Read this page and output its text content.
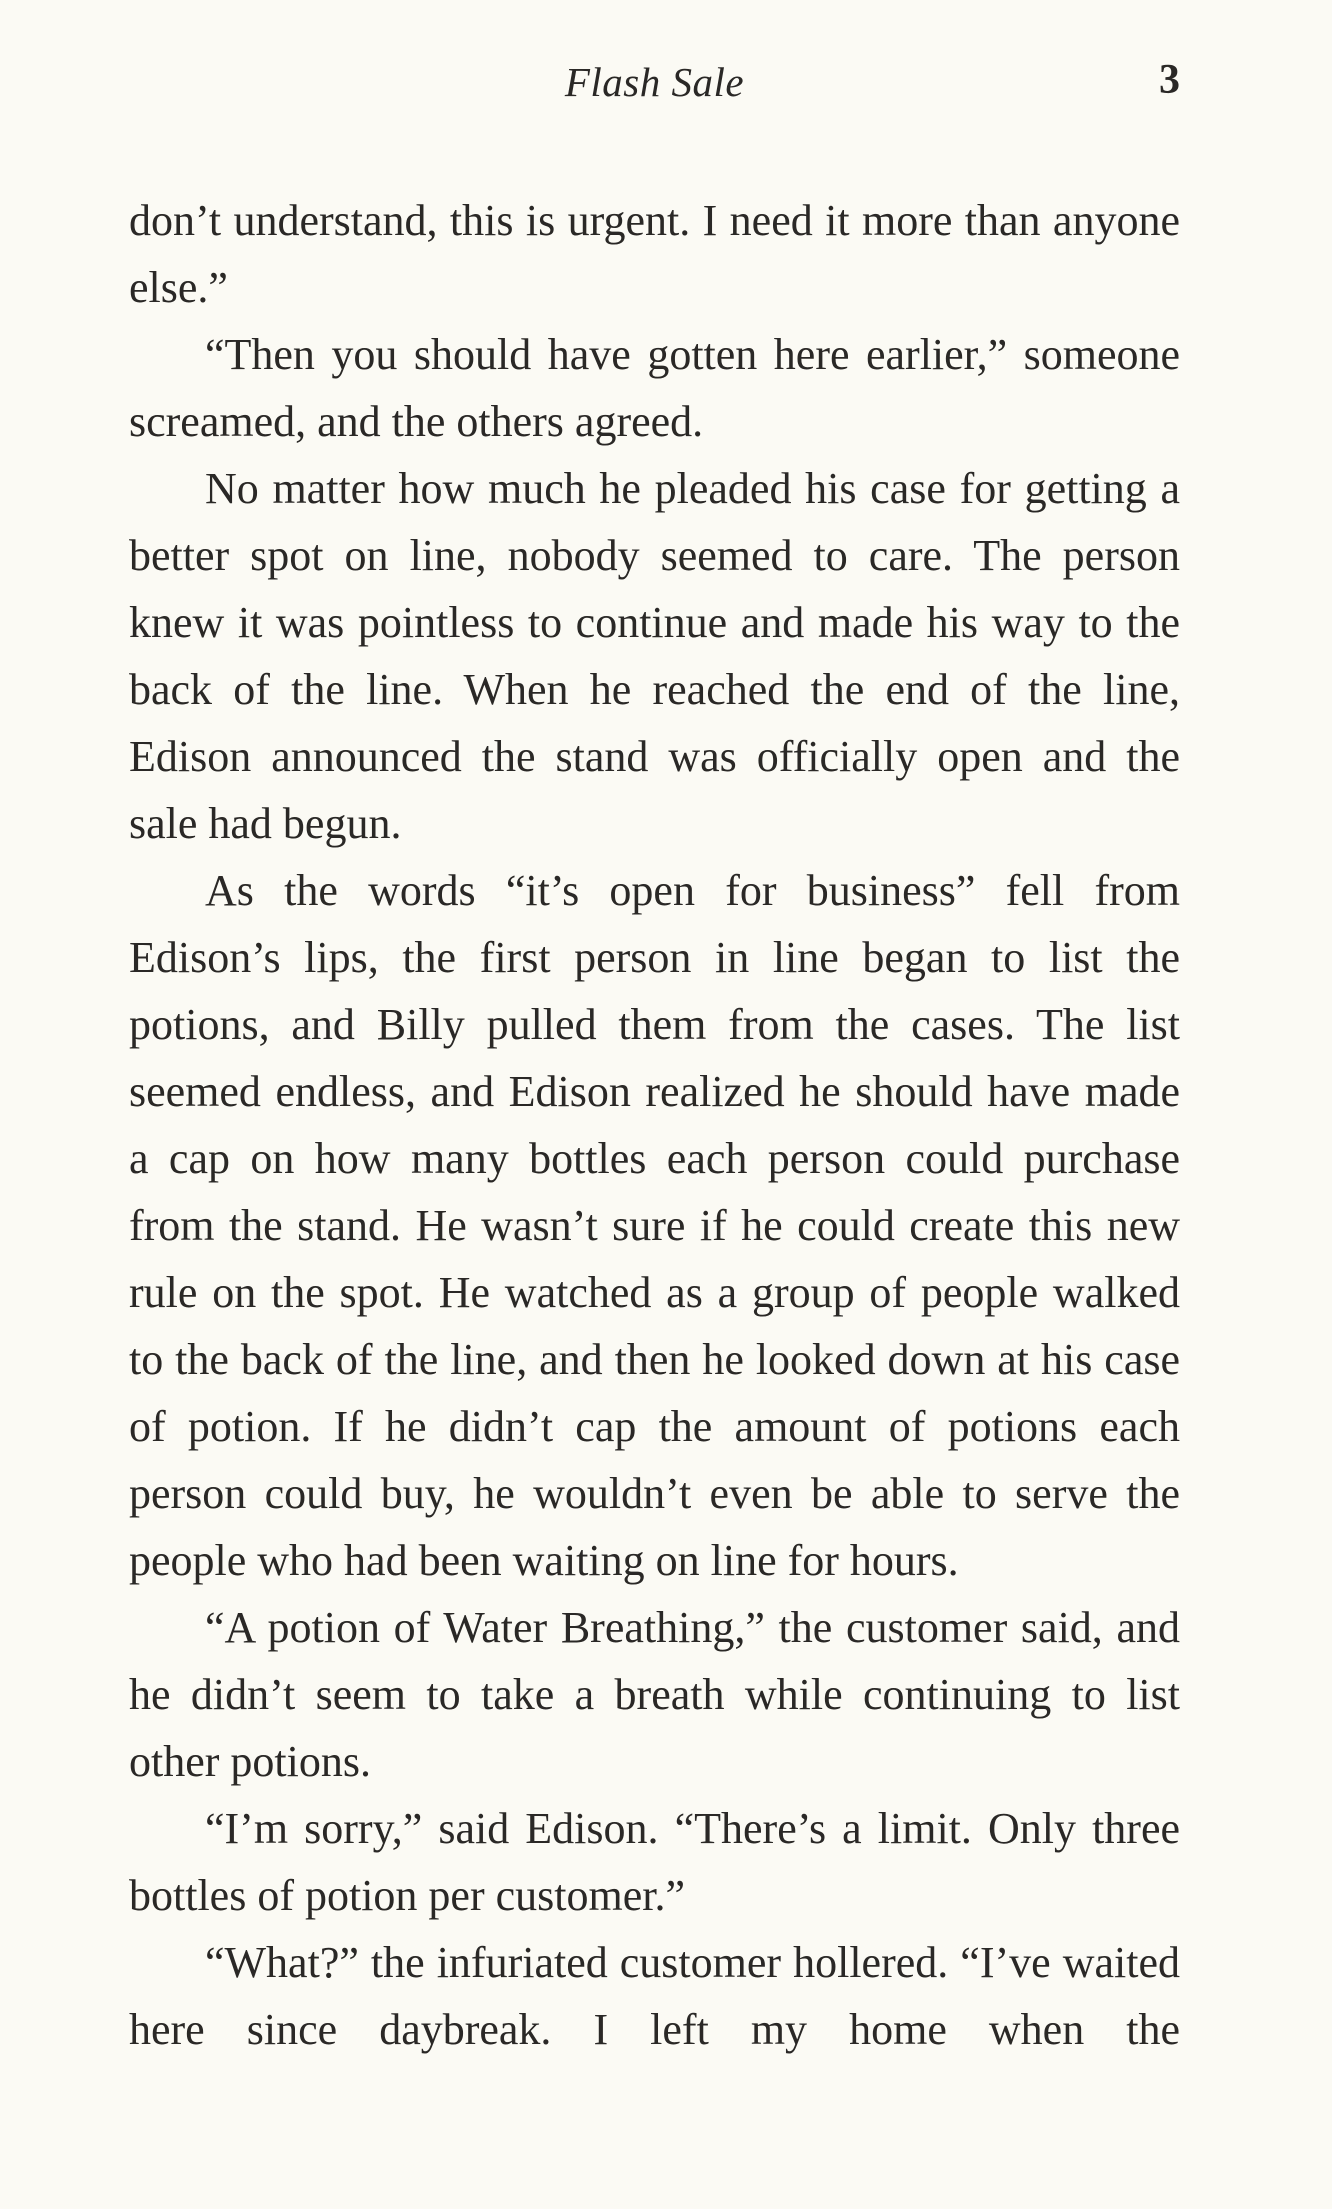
Flash Sale	3

don’t understand, this is urgent. I need it more than anyone else.”

“Then you should have gotten here earlier,” someone screamed, and the others agreed.

No matter how much he pleaded his case for getting a better spot on line, nobody seemed to care. The person knew it was pointless to continue and made his way to the back of the line. When he reached the end of the line, Edison announced the stand was officially open and the sale had begun.

As the words “it’s open for business” fell from Edison’s lips, the first person in line began to list the potions, and Billy pulled them from the cases. The list seemed endless, and Edison realized he should have made a cap on how many bottles each person could purchase from the stand. He wasn’t sure if he could create this new rule on the spot. He watched as a group of people walked to the back of the line, and then he looked down at his case of potion. If he didn’t cap the amount of potions each person could buy, he wouldn’t even be able to serve the people who had been waiting on line for hours.

“A potion of Water Breathing,” the customer said, and he didn’t seem to take a breath while continuing to list other potions.

“I’m sorry,” said Edison. “There’s a limit. Only three bottles of potion per customer.”

“What?” the infuriated customer hollered. “I’ve waited here since daybreak. I left my home when the
